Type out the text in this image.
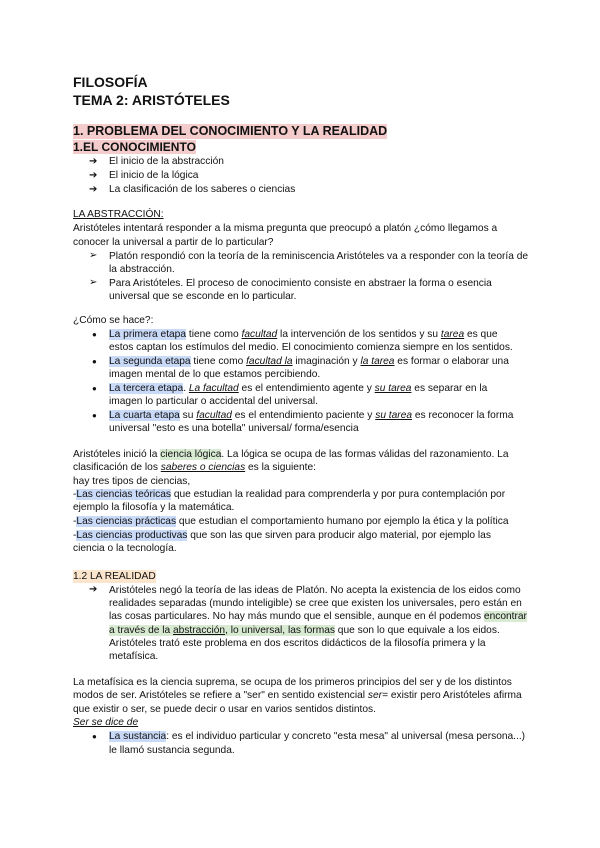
FILOSOFÍA
TEMA 2: ARISTÓTELES
1. PROBLEMA DEL CONOCIMIENTO Y LA REALIDAD
1.EL CONOCIMIENTO
➔ El inicio de la abstracción
➔ El inicio de la lógica
➔ La clasificación de los saberes o ciencias
LA ABSTRACCIÓN:
Aristóteles intentará responder a la misma pregunta que preocupó a platón ¿cómo llegamos a
conocer la universal a partir de lo particular?
➢ Platón respondió con la teoría de la reminiscencia Aristóteles va a responder con la teoría de
la abstracción.
➢ Para Aristóteles. El proceso de conocimiento consiste en abstraer la forma o esencia
universal que se esconde en lo particular.
¿Cómo se hace?:
● La primera etapa tiene como facultad la intervención de los sentidos y su tarea es que
estos captan los estímulos del medio. El conocimiento comienza siempre en los sentidos.
● La segunda etapa tiene como facultad la imaginación y la tarea es formar o elaborar una
imagen mental de lo que estamos percibiendo.
● La tercera etapa. La facultad es el entendimiento agente y su tarea es separar en la
imagen lo particular o accidental del universal.
● La cuarta etapa su facultad es el entendimiento paciente y su tarea es reconocer la forma
universal "esto es una botella" universal/ forma/esencia
Aristóteles inició la ciencia lógica. La lógica se ocupa de las formas válidas del razonamiento. La
clasificación de los saberes o ciencias es la siguiente:
hay tres tipos de ciencias,
-Las ciencias teóricas que estudian la realidad para comprenderla y por pura contemplación por
ejemplo la filosofía y la matemática.
-Las ciencias prácticas que estudian el comportamiento humano por ejemplo la ética y la política
-Las ciencias productivas que son las que sirven para producir algo material, por ejemplo las
ciencia o la tecnología.
1.2 LA REALIDAD
➔ Aristóteles negó la teoría de las ideas de Platón. No acepta la existencia de los eidos como
realidades separadas (mundo inteligible) se cree que existen los universales, pero están en
las cosas particulares. No hay más mundo que el sensible, aunque en él podemos encontrar
a través de la abstracción, lo universal, las formas que son lo que equivale a los eidos.
Aristóteles trató este problema en dos escritos didácticos de la filosofía primera y la
metafísica.
La metafísica es la ciencia suprema, se ocupa de los primeros principios del ser y de los distintos
modos de ser. Aristóteles se refiere a "ser" en sentido existencial ser= existir pero Aristóteles afirma
que existir o ser, se puede decir o usar en varios sentidos distintos.
Ser se dice de
● La sustancia: es el individuo particular y concreto "esta mesa" al universal (mesa persona...)
le llamó sustancia segunda.
